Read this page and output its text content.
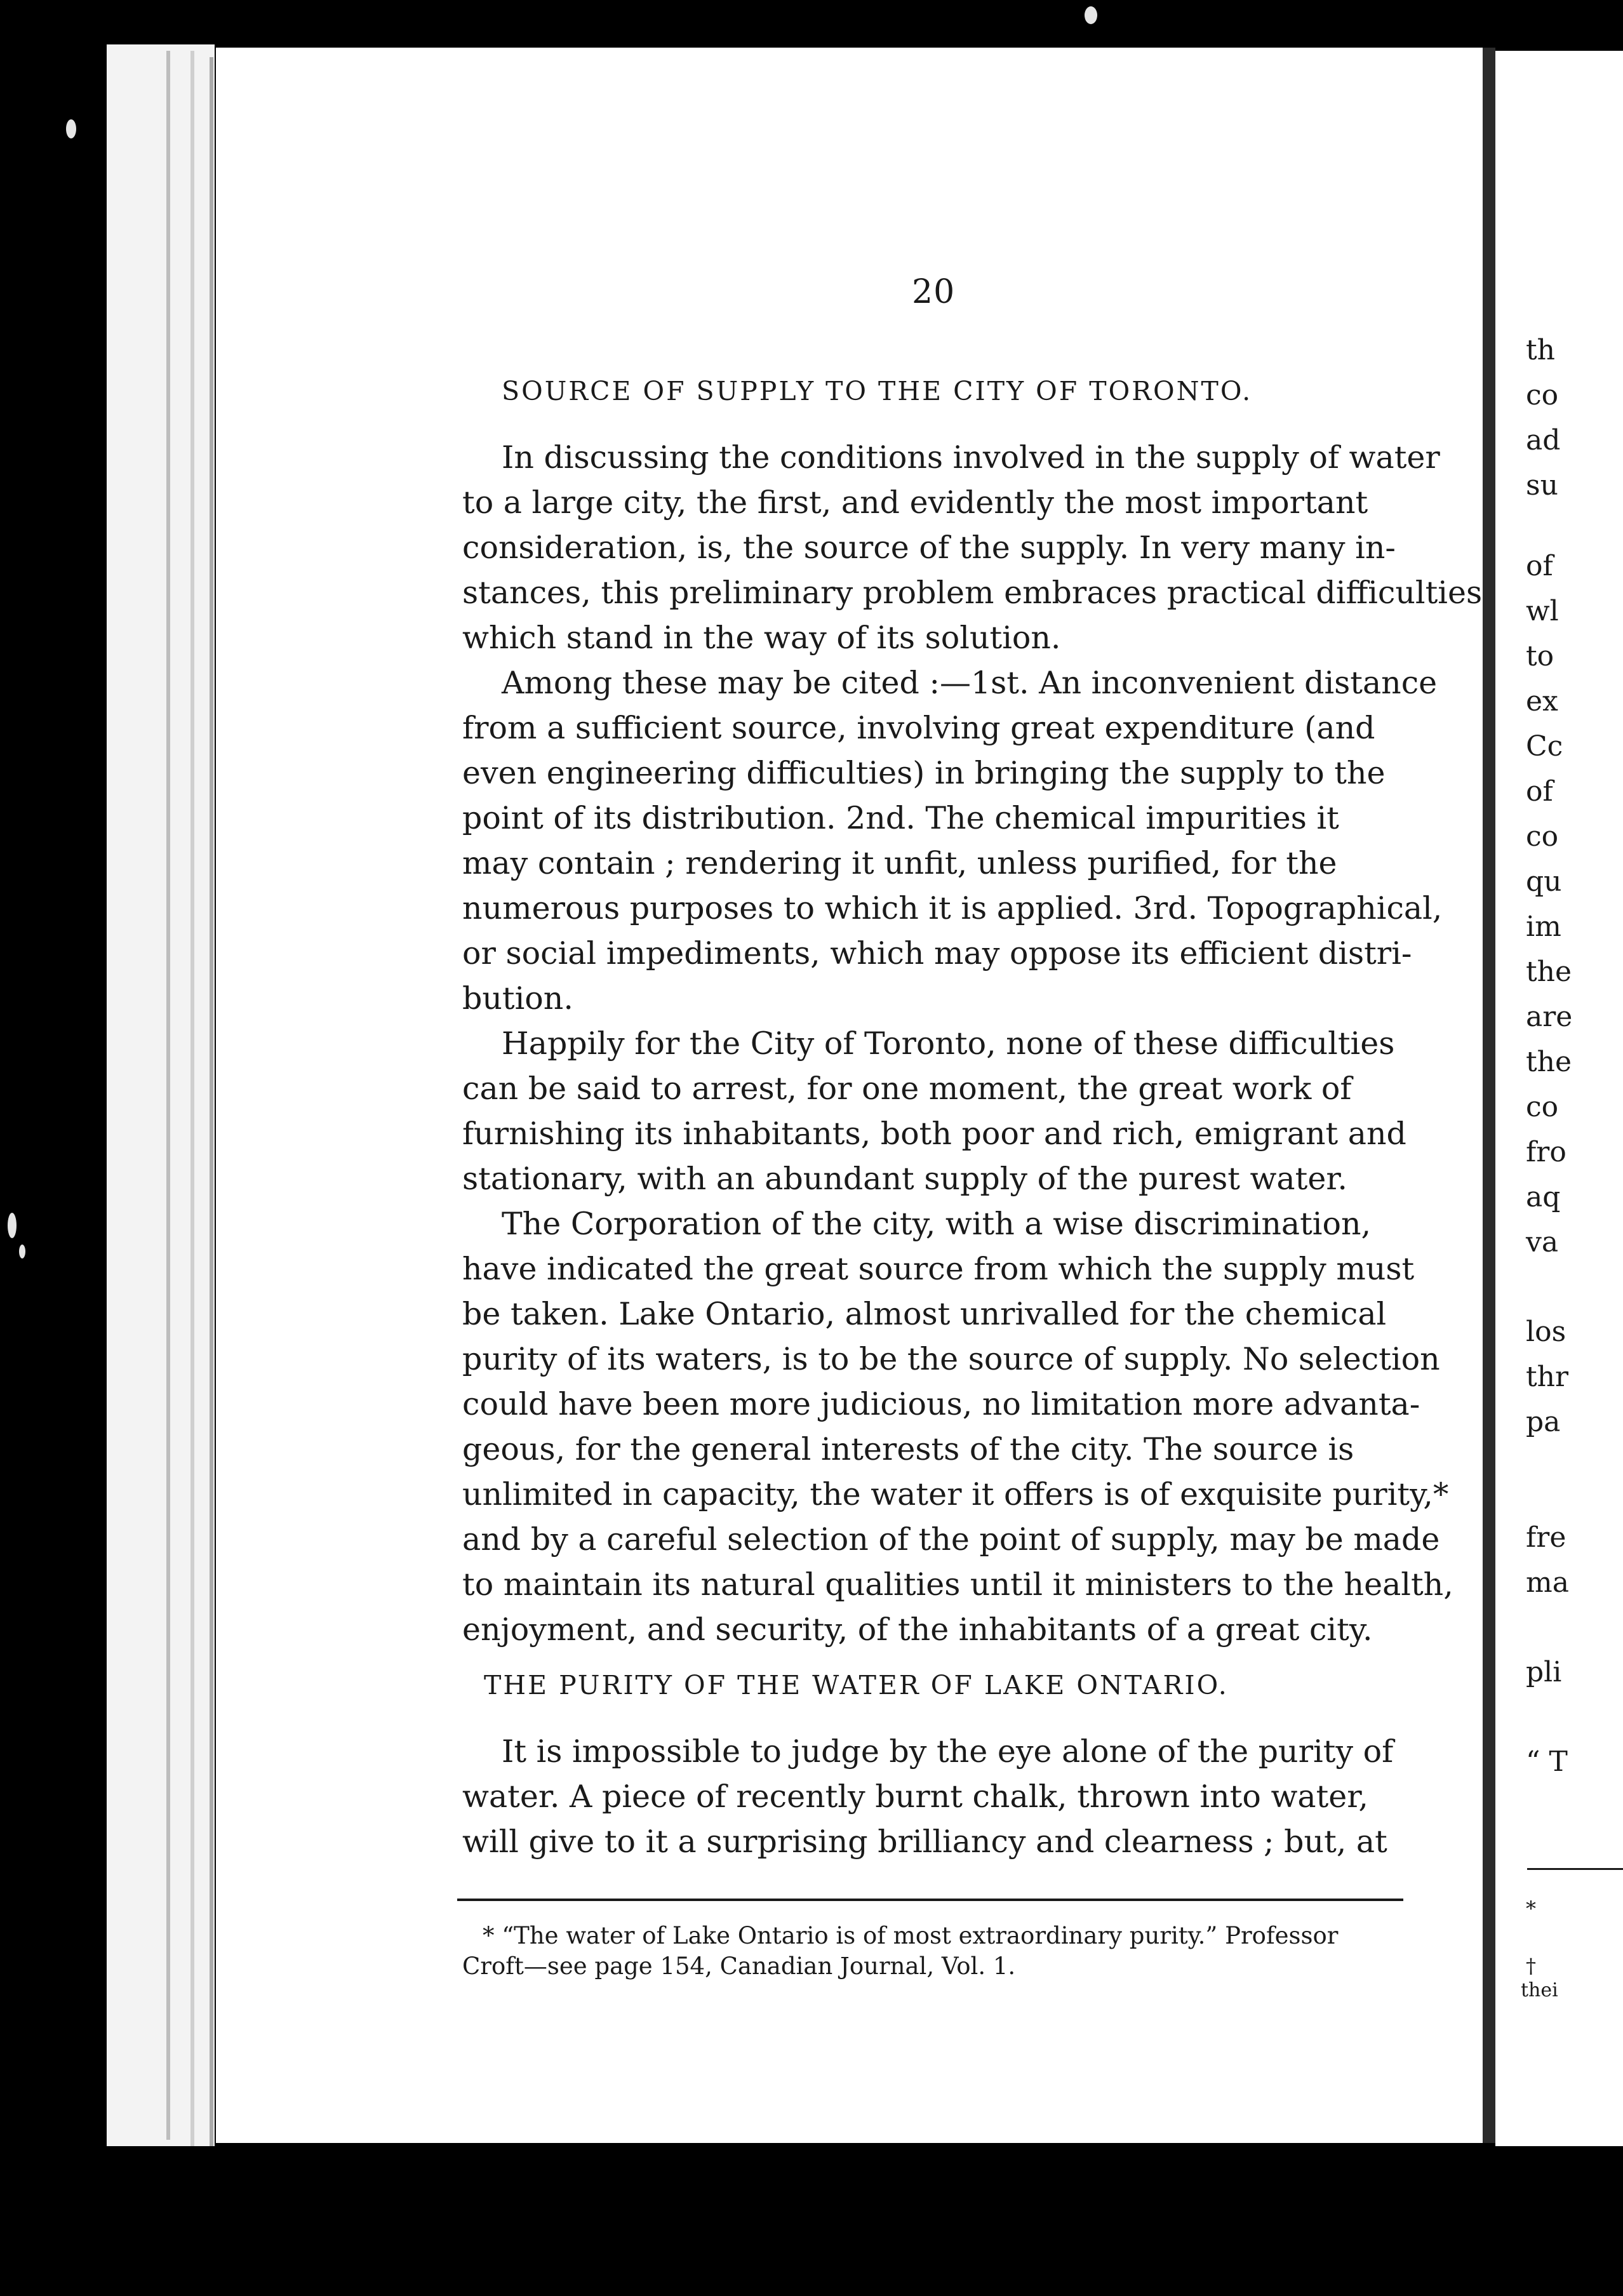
20
SOURCE OF SUPPLY TO THE CITY OF TORONTO.
In discussing the conditions involved in the supply of water
to a large city, the first, and evidently the most important
consideration, is, the source of the supply. In very many in-
stances, this preliminary problem embraces practical difficulties
which stand in the way of its solution.
Among these may be cited :—1st. An inconvenient distance
from a sufficient source, involving great expenditure (and
even engineering difficulties) in bringing the supply to the
point of its distribution. 2nd. The chemical impurities it
may contain ; rendering it unfit, unless purified, for the
numerous purposes to which it is applied. 3rd. Topographical,
or social impediments, which may oppose its efficient distri-
bution.
Happily for the City of Toronto, none of these difficulties
can be said to arrest, for one moment, the great work of
furnishing its inhabitants, both poor and rich, emigrant and
stationary, with an abundant supply of the purest water.
The Corporation of the city, with a wise discrimination,
have indicated the great source from which the supply must
be taken. Lake Ontario, almost unrivalled for the chemical
purity of its waters, is to be the source of supply. No selection
could have been more judicious, no limitation more advanta-
geous, for the general interests of the city. The source is
unlimited in capacity, the water it offers is of exquisite purity,*
and by a careful selection of the point of supply, may be made
to maintain its natural qualities until it ministers to the health,
enjoyment, and security, of the inhabitants of a great city.
THE PURITY OF THE WATER OF LAKE ONTARIO.
It is impossible to judge by the eye alone of the purity of
water. A piece of recently burnt chalk, thrown into water,
will give to it a surprising brilliancy and clearness ; but, at
* “The water of Lake Ontario is of most extraordinary purity.” Professor
Croft—see page 154, Canadian Journal, Vol. 1.
th
co
ad
su
of
wl
to
ex
Cc
of
co
qu
im
the
are
the
co
fro
aq
va
los
thr
pa
fre
ma
pli
“ T
*
†
thei
